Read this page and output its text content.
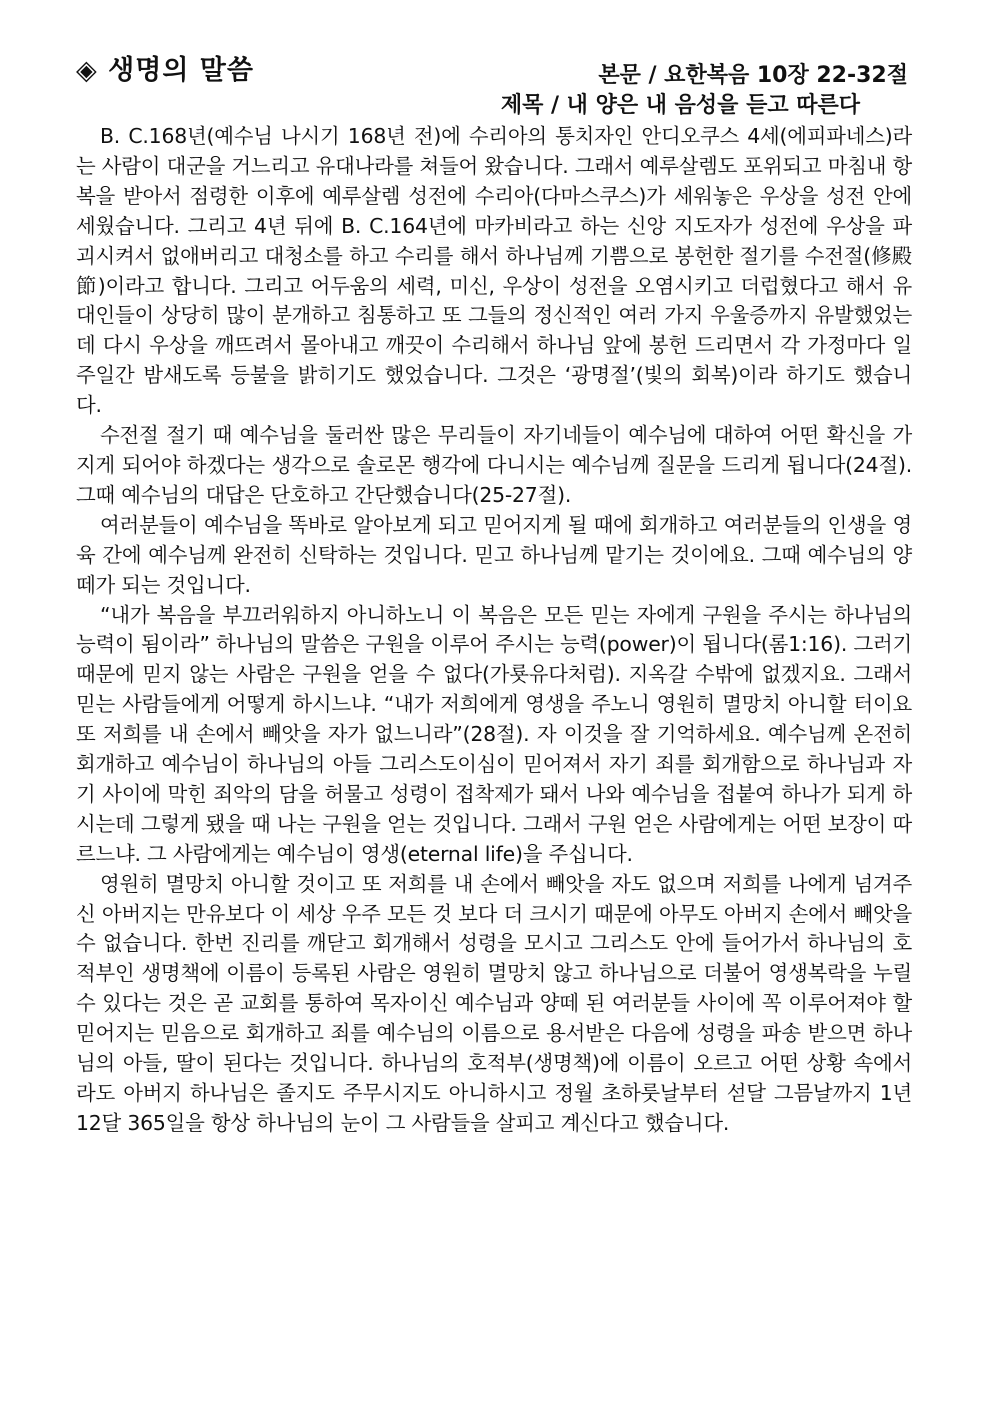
◈ 생명의 말씀	본문 / 요한복음 10장 22-32절
제목 / 내 양은 내 음성을 듣고 따른다

B. C.168년(예수님 나시기 168년 전)에 수리아의 통치자인 안디오쿠스 4세(에피파네스)라는 사람이 대군을 거느리고 유대나라를 쳐들어 왔습니다. 그래서 예루살렘도 포위되고 마침내 항복을 받아서 점령한 이후에 예루살렘 성전에 수리아(다마스쿠스)가 세워놓은 우상을 성전 안에 세웠습니다. 그리고 4년 뒤에 B. C.164년에 마카비라고 하는 신앙 지도자가 성전에 우상을 파괴시켜서 없애버리고 대청소를 하고 수리를 해서 하나님께 기쁨으로 봉헌한 절기를 수전절(修殿節)이라고 합니다. 그리고 어두움의 세력, 미신, 우상이 성전을 오염시키고 더럽혔다고 해서 유대인들이 상당히 많이 분개하고 침통하고 또 그들의 정신적인 여러 가지 우울증까지 유발했었는데 다시 우상을 깨뜨려서 몰아내고 깨끗이 수리해서 하나님 앞에 봉헌 드리면서 각 가정마다 일주일간 밤새도록 등불을 밝히기도 했었습니다. 그것은 ‘광명절’(빛의 회복)이라 하기도 했습니다.

수전절 절기 때 예수님을 둘러싼 많은 무리들이 자기네들이 예수님에 대하여 어떤 확신을 가지게 되어야 하겠다는 생각으로 솔로몬 행각에 다니시는 예수님께 질문을 드리게 됩니다(24절). 그때 예수님의 대답은 단호하고 간단했습니다(25-27절).

여러분들이 예수님을 똑바로 알아보게 되고 믿어지게 될 때에 회개하고 여러분들의 인생을 영육 간에 예수님께 완전히 신탁하는 것입니다. 믿고 하나님께 맡기는 것이에요. 그때 예수님의 양떼가 되는 것입니다.

“내가 복음을 부끄러워하지 아니하노니 이 복음은 모든 믿는 자에게 구원을 주시는 하나님의 능력이 됨이라” 하나님의 말씀은 구원을 이루어 주시는 능력(power)이 됩니다(롬1:16). 그러기 때문에 믿지 않는 사람은 구원을 얻을 수 없다(가룟유다처럼). 지옥갈 수밖에 없겠지요. 그래서 믿는 사람들에게 어떻게 하시느냐. “내가 저희에게 영생을 주노니 영원히 멸망치 아니할 터이요 또 저희를 내 손에서 빼앗을 자가 없느니라”(28절). 자 이것을 잘 기억하세요. 예수님께 온전히 회개하고 예수님이 하나님의 아들 그리스도이심이 믿어져서 자기 죄를 회개함으로 하나님과 자기 사이에 막힌 죄악의 담을 허물고 성령이 접착제가 돼서 나와 예수님을 접붙여 하나가 되게 하시는데 그렇게 됐을 때 나는 구원을 얻는 것입니다. 그래서 구원 얻은 사람에게는 어떤 보장이 따르느냐. 그 사람에게는 예수님이 영생(eternal life)을 주십니다.

영원히 멸망치 아니할 것이고 또 저희를 내 손에서 빼앗을 자도 없으며 저희를 나에게 넘겨주신 아버지는 만유보다 이 세상 우주 모든 것 보다 더 크시기 때문에 아무도 아버지 손에서 빼앗을 수 없습니다. 한번 진리를 깨닫고 회개해서 성령을 모시고 그리스도 안에 들어가서 하나님의 호적부인 생명책에 이름이 등록된 사람은 영원히 멸망치 않고 하나님으로 더불어 영생복락을 누릴 수 있다는 것은 곧 교회를 통하여 목자이신 예수님과 양떼 된 여러분들 사이에 꼭 이루어져야 할 믿어지는 믿음으로 회개하고 죄를 예수님의 이름으로 용서받은 다음에 성령을 파송 받으면 하나님의 아들, 딸이 된다는 것입니다. 하나님의 호적부(생명책)에 이름이 오르고 어떤 상황 속에서라도 아버지 하나님은 졸지도 주무시지도 아니하시고 정월 초하룻날부터 섣달 그믐날까지 1년 12달 365일을 항상 하나님의 눈이 그 사람들을 살피고 계신다고 했습니다.
